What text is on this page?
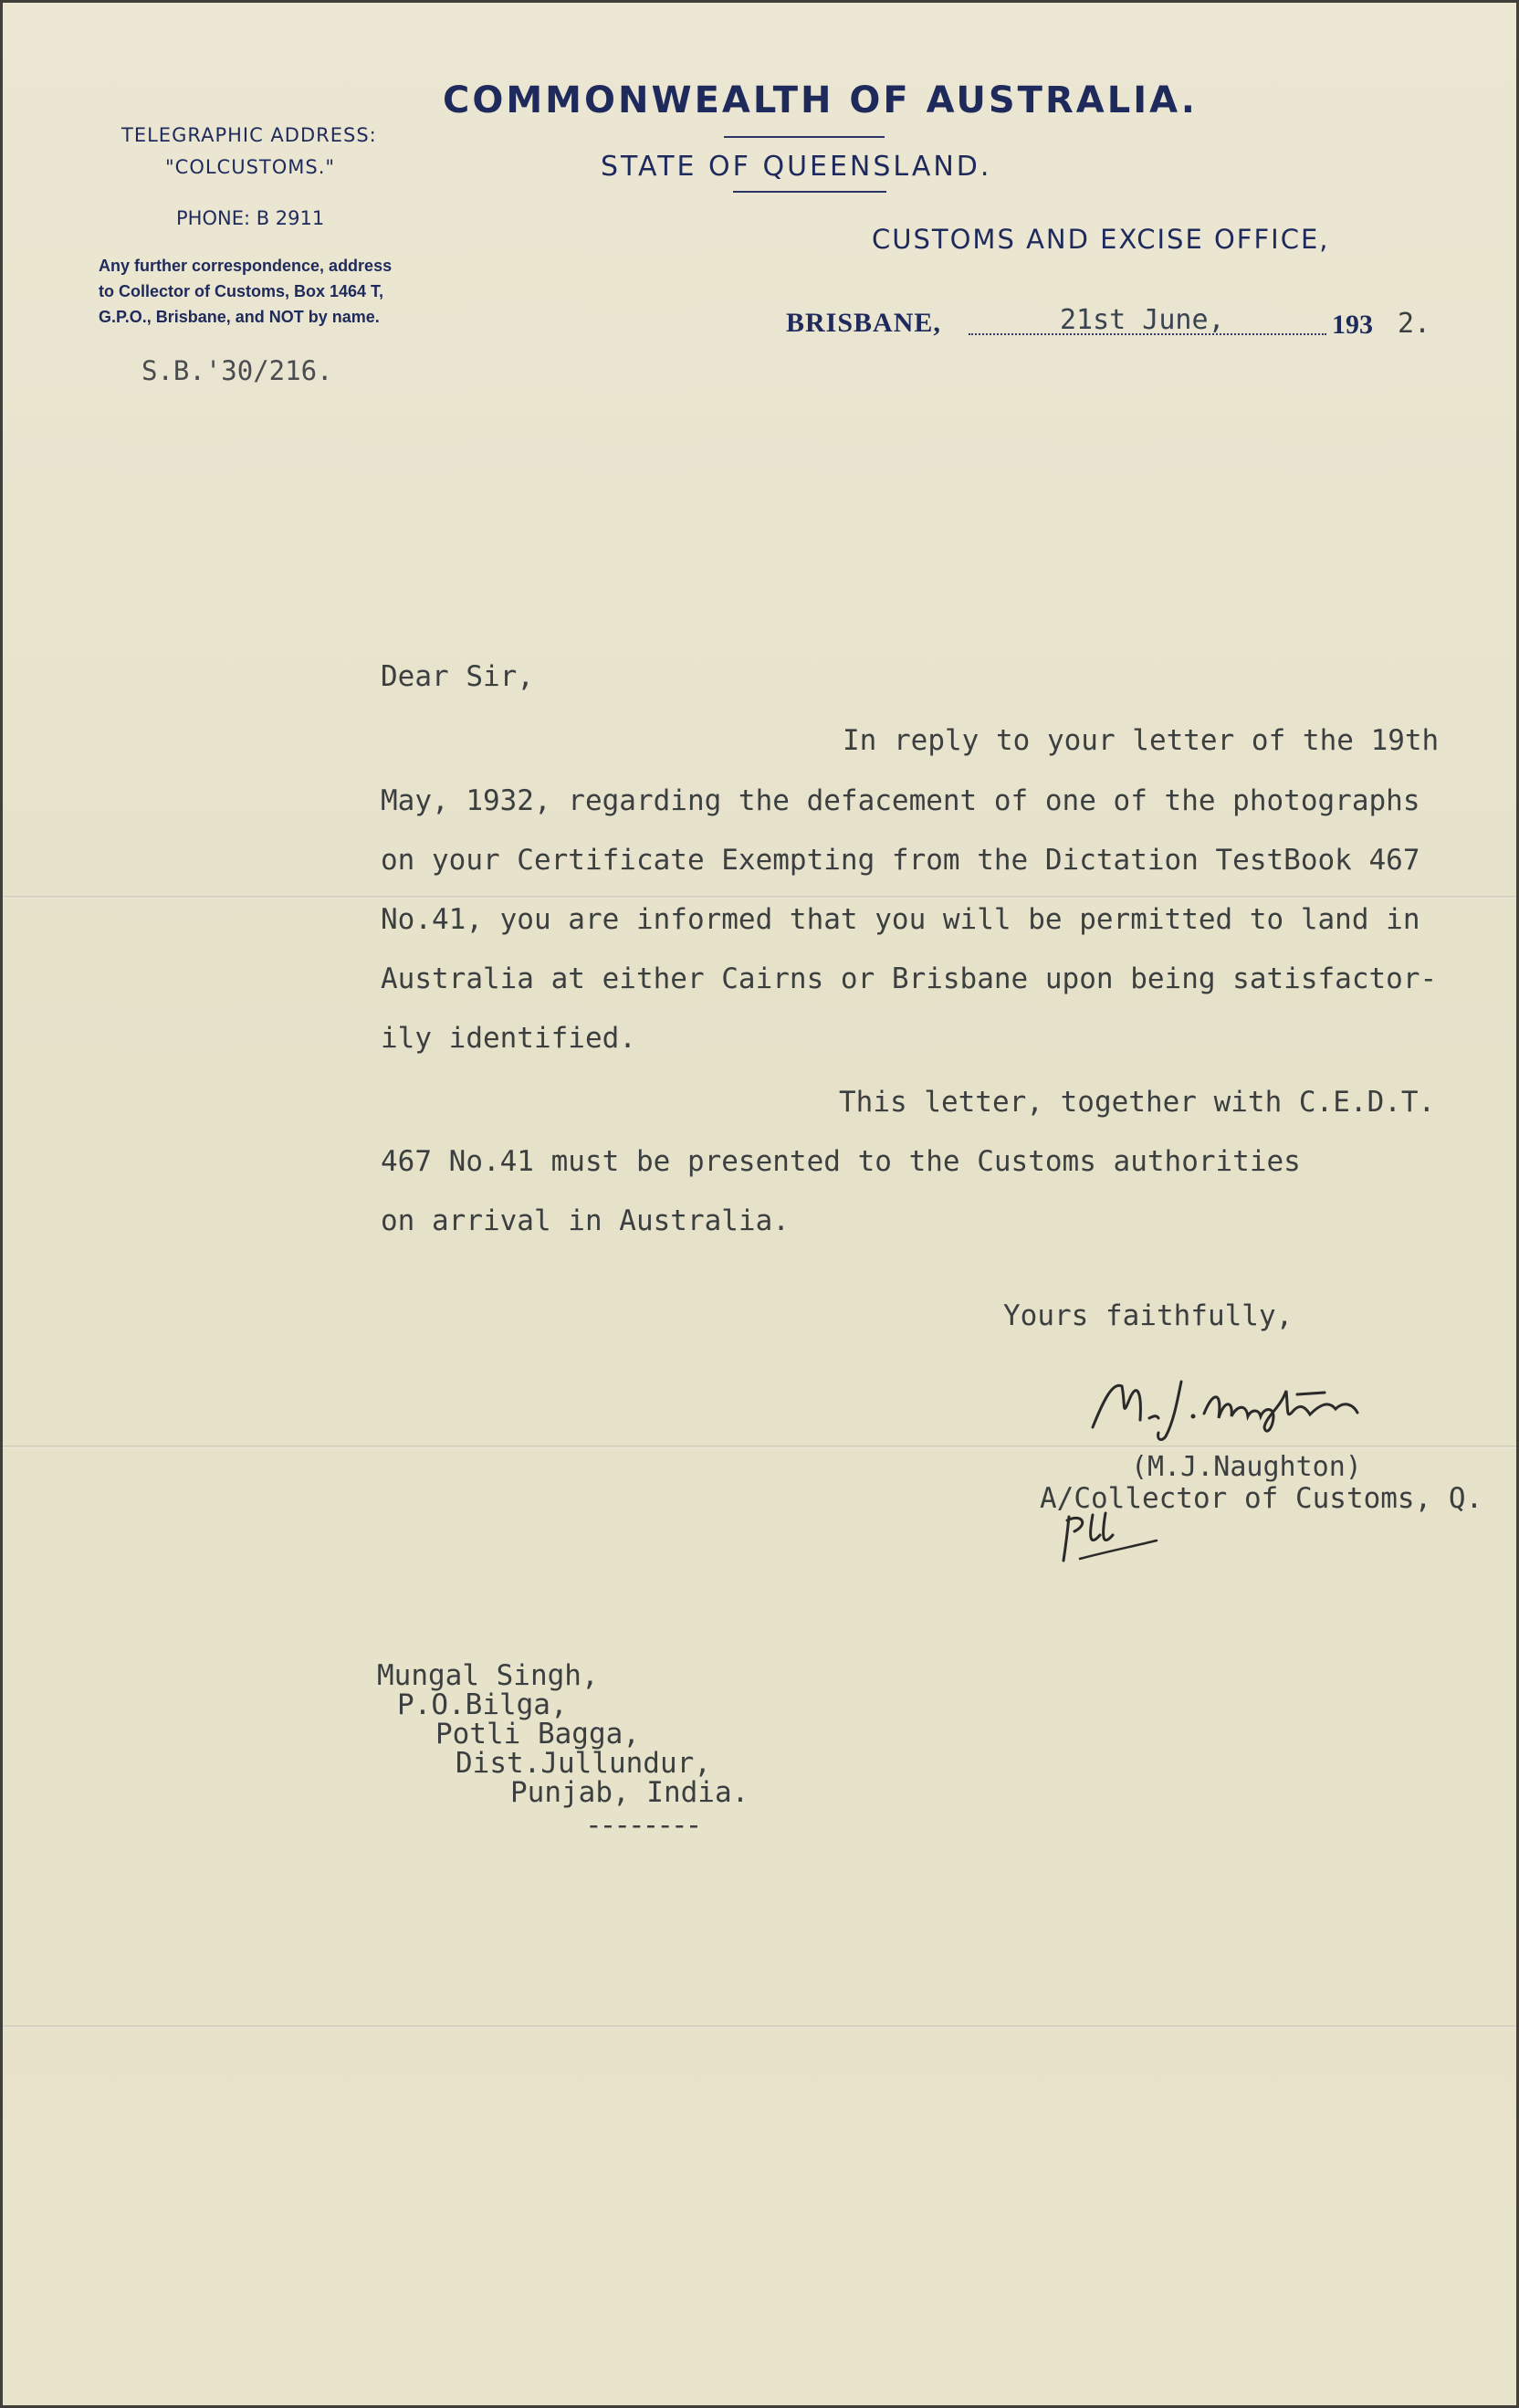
COMMONWEALTH OF AUSTRALIA.
STATE OF QUEENSLAND.
CUSTOMS AND EXCISE OFFICE,
TELEGRAPHIC ADDRESS:
"COLCUSTOMS."
PHONE: B 2911
Any further correspondence, address
to Collector of Customs, Box 1464 T,
G.P.O., Brisbane, and NOT by name.	BRISBANE,	21st June,	193 2.
S.B.'30/216.
Dear Sir,
In reply to your letter of the 19th
May, 1932, regarding the defacement of one of the photographs
on your Certificate Exempting from the Dictation TestBook 467
No.41, you are informed that you will be permitted to land in
Australia at either Cairns or Brisbane upon being satisfactor-
ily identified.
This letter, together with C.E.D.T.
467 No.41 must be presented to the Customs authorities
on arrival in Australia.
Yours faithfully,
(M.J.Naughton)
A/Collector of Customs, Q.
Mungal Singh,
P.O.Bilga,
Potli Bagga,
Dist.Jullundur,
Punjab, India.
--------
